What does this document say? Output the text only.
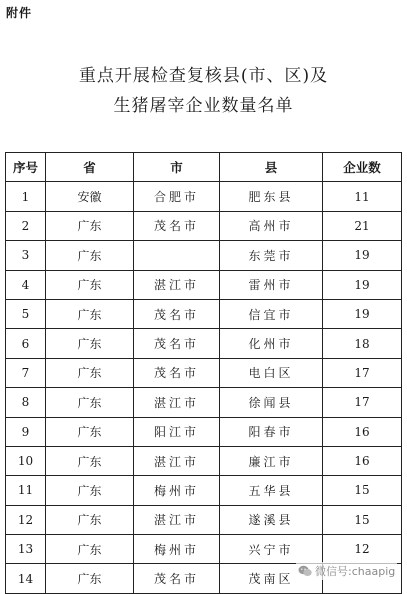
附件
重点开展检查复核县(市、区)及
生猪屠宰企业数量名单
序号	省	市	县	企业数
1	安徽	合肥市	肥东县	11
2	广东	茂名市	高州市	21
3	广东		东莞市	19
4	广东	湛江市	雷州市	19
5	广东	茂名市	信宜市	19
6	广东	茂名市	化州市	18
7	广东	茂名市	电白区	17
8	广东	湛江市	徐闻县	17
9	广东	阳江市	阳春市	16
10	广东	湛江市	廉江市	16
11	广东	梅州市	五华县	15
12	广东	湛江市	遂溪县	15
13	广东	梅州市	兴宁市	12
14	广东	茂名市	茂南区	
微信号:chaapig
